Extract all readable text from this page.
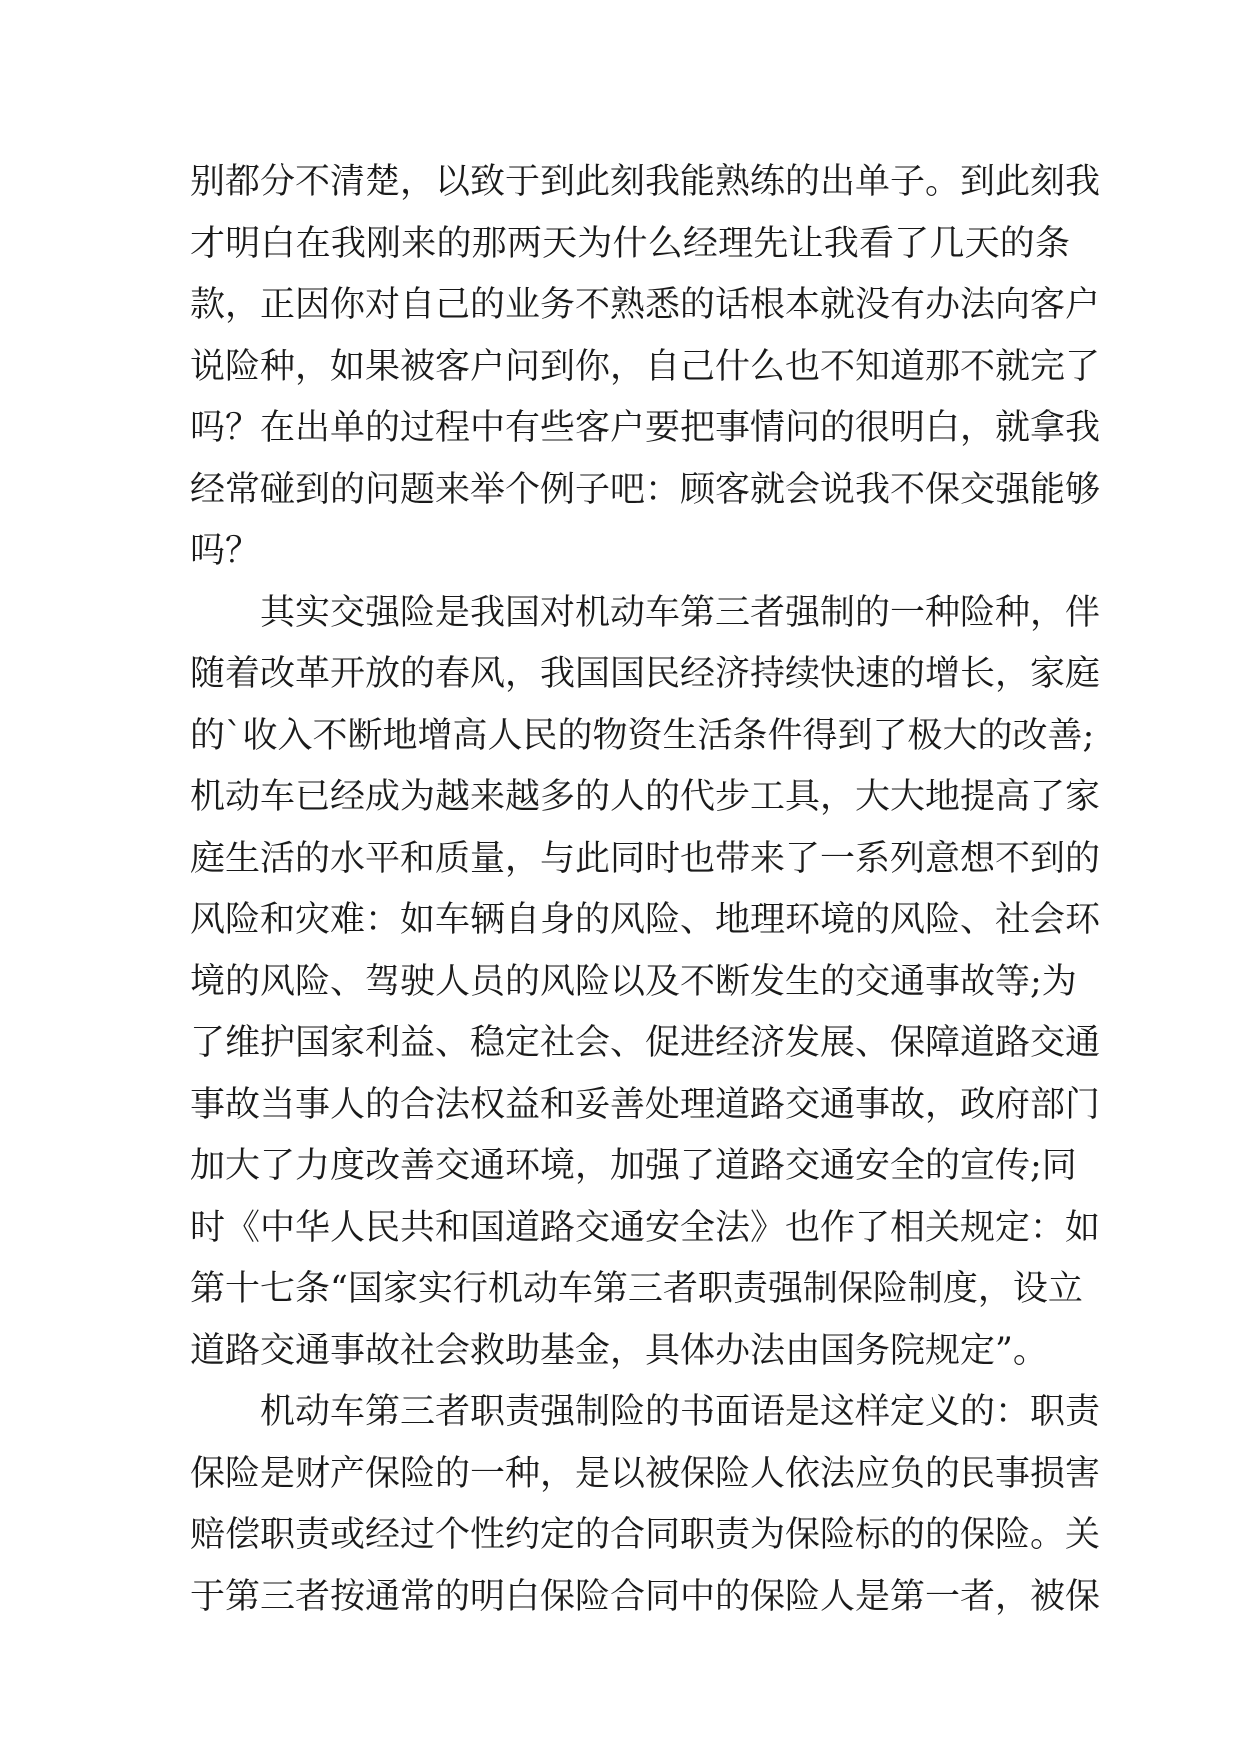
别都分不清楚，以致于到此刻我能熟练的出单子。到此刻我
才明白在我刚来的那两天为什么经理先让我看了几天的条
款，正因你对自己的业务不熟悉的话根本就没有办法向客户
说险种，如果被客户问到你，自己什么也不知道那不就完了
吗？在出单的过程中有些客户要把事情问的很明白，就拿我
经常碰到的问题来举个例子吧：顾客就会说我不保交强能够
吗？
其实交强险是我国对机动车第三者强制的一种险种，伴
随着改革开放的春风，我国国民经济持续快速的增长，家庭
的`收入不断地增高人民的物资生活条件得到了极大的改善;
机动车已经成为越来越多的人的代步工具，大大地提高了家
庭生活的水平和质量，与此同时也带来了一系列意想不到的
风险和灾难：如车辆自身的风险、地理环境的风险、社会环
境的风险、驾驶人员的风险以及不断发生的交通事故等;为
了维护国家利益、稳定社会、促进经济发展、保障道路交通
事故当事人的合法权益和妥善处理道路交通事故，政府部门
加大了力度改善交通环境，加强了道路交通安全的宣传;同
时《中华人民共和国道路交通安全法》也作了相关规定：如
第十七条“国家实行机动车第三者职责强制保险制度，设立
道路交通事故社会救助基金，具体办法由国务院规定”。
机动车第三者职责强制险的书面语是这样定义的：职责
保险是财产保险的一种，是以被保险人依法应负的民事损害
赔偿职责或经过个性约定的合同职责为保险标的的保险。关
于第三者按通常的明白保险合同中的保险人是第一者，被保
